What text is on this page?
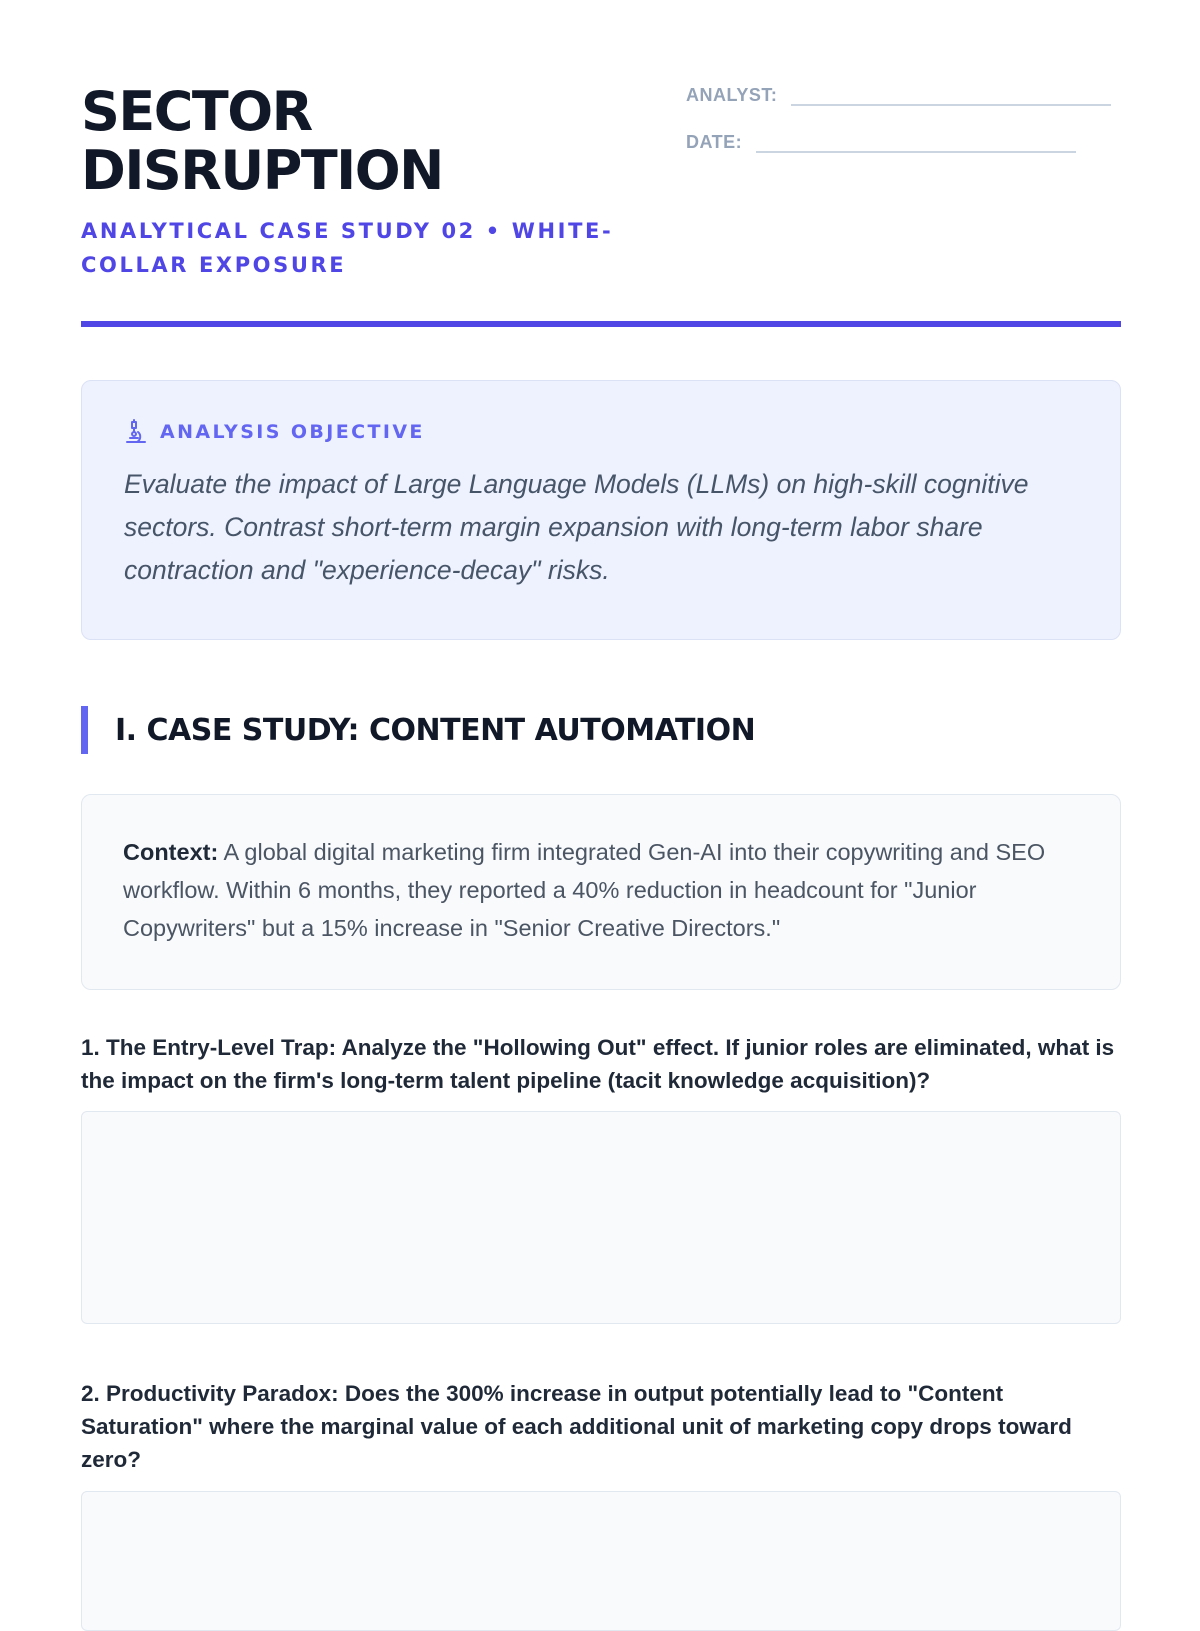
SECTOR
DISRUPTION
ANALYTICAL CASE STUDY 02 • WHITE-COLLAR EXPOSURE
ANALYST:
DATE:
ANALYSIS OBJECTIVE
Evaluate the impact of Large Language Models (LLMs) on high-skill cognitive sectors. Contrast short-term margin expansion with long-term labor share contraction and "experience-decay" risks.
I. CASE STUDY: CONTENT AUTOMATION
Context: A global digital marketing firm integrated Gen-AI into their copywriting and SEO workflow. Within 6 months, they reported a 40% reduction in headcount for "Junior Copywriters" but a 15% increase in "Senior Creative Directors."
1. The Entry-Level Trap: Analyze the "Hollowing Out" effect. If junior roles are eliminated, what is the impact on the firm's long-term talent pipeline (tacit knowledge acquisition)?
2. Productivity Paradox: Does the 300% increase in output potentially lead to "Content Saturation" where the marginal value of each additional unit of marketing copy drops toward zero?
